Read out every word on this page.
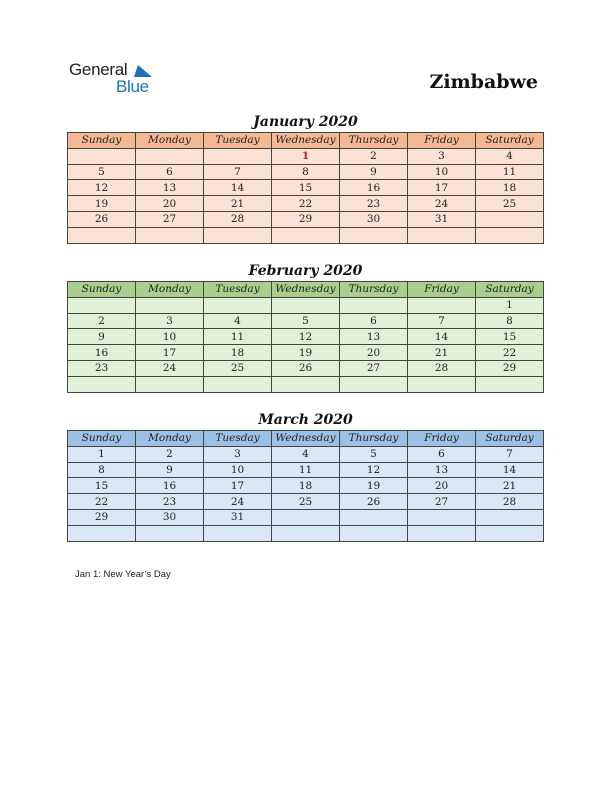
General
Blue	Zimbabwe
January 2020
Sunday	Monday	Tuesday	Wednesday	Thursday	Friday	Saturday
			1	2	3	4
5	6	7	8	9	10	11
12	13	14	15	16	17	18
19	20	21	22	23	24	25
26	27	28	29	30	31	

February 2020
Sunday	Monday	Tuesday	Wednesday	Thursday	Friday	Saturday
						1
2	3	4	5	6	7	8
9	10	11	12	13	14	15
16	17	18	19	20	21	22
23	24	25	26	27	28	29

March 2020
Sunday	Monday	Tuesday	Wednesday	Thursday	Friday	Saturday
1	2	3	4	5	6	7
8	9	10	11	12	13	14
15	16	17	18	19	20	21
22	23	24	25	26	27	28
29	30	31				

Jan 1: New Year’s Day
